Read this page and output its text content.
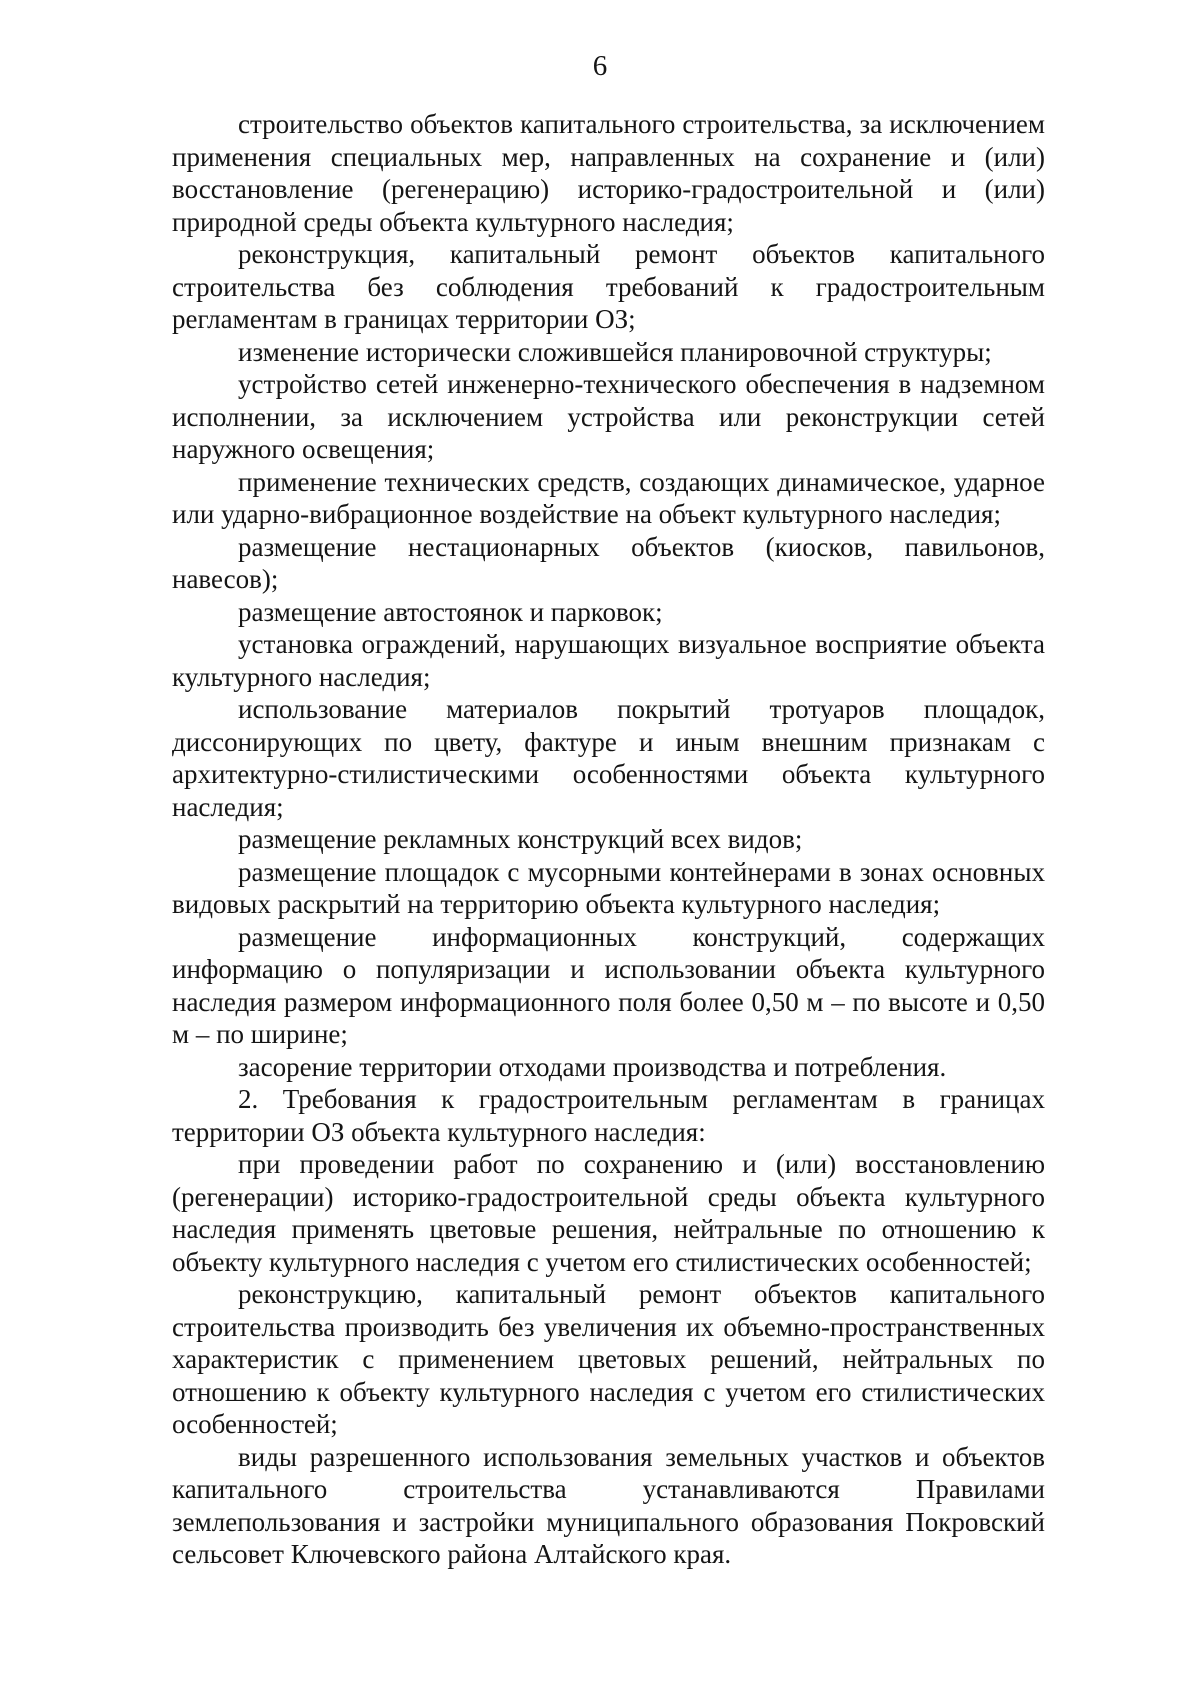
6

строительство объектов капитального строительства, за исключением применения специальных мер, направленных на сохранение и (или) восстановление (регенерацию) историко-градостроительной и (или) природной среды объекта культурного наследия;

реконструкция, капитальный ремонт объектов капитального строительства без соблюдения требований к градостроительным регламентам в границах территории ОЗ;

изменение исторически сложившейся планировочной структуры;

устройство сетей инженерно-технического обеспечения в надземном исполнении, за исключением устройства или реконструкции сетей наружного освещения;

применение технических средств, создающих динамическое, ударное или ударно-вибрационное воздействие на объект культурного наследия;

размещение нестационарных объектов (киосков, павильонов, навесов);

размещение автостоянок и парковок;

установка ограждений, нарушающих визуальное восприятие объекта культурного наследия;

использование материалов покрытий тротуаров площадок, диссонирующих по цвету, фактуре и иным внешним признакам с архитектурно-стилистическими особенностями объекта культурного наследия;

размещение рекламных конструкций всех видов;

размещение площадок с мусорными контейнерами в зонах основных видовых раскрытий на территорию объекта культурного наследия;

размещение информационных конструкций, содержащих информацию о популяризации и использовании объекта культурного наследия размером информационного поля более 0,50 м – по высоте и 0,50 м – по ширине;

засорение территории отходами производства и потребления.

2. Требования к градостроительным регламентам в границах территории ОЗ объекта культурного наследия:

при проведении работ по сохранению и (или) восстановлению (регенерации) историко-градостроительной среды объекта культурного наследия применять цветовые решения, нейтральные по отношению к объекту культурного наследия с учетом его стилистических особенностей;

реконструкцию, капитальный ремонт объектов капитального строительства производить без увеличения их объемно-пространственных характеристик с применением цветовых решений, нейтральных по отношению к объекту культурного наследия с учетом его стилистических особенностей;

виды разрешенного использования земельных участков и объектов капитального строительства устанавливаются Правилами землепользования и застройки муниципального образования Покровский сельсовет Ключевского района Алтайского края.
